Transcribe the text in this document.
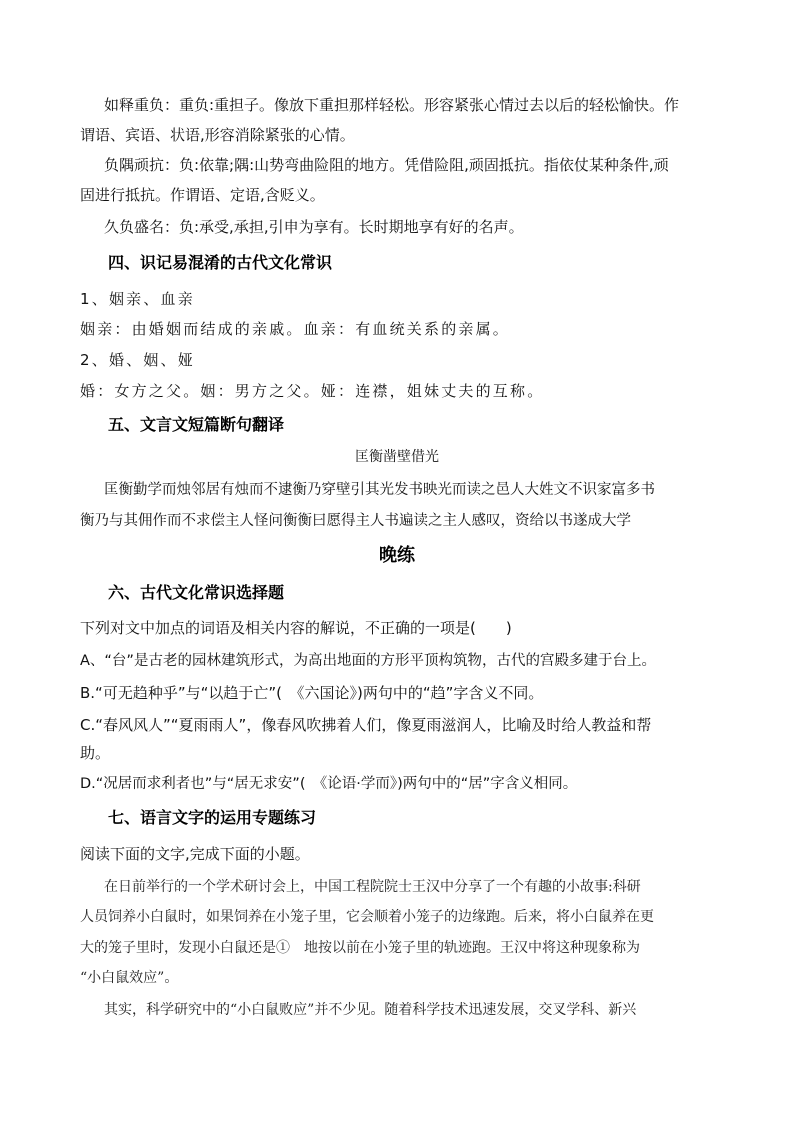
如释重负：重负:重担子。像放下重担那样轻松。形容紧张心情过去以后的轻松愉快。作
谓语、宾语、状语,形容消除紧张的心情。
负隅顽抗：负:依靠;隅:山势弯曲险阻的地方。凭借险阻,顽固抵抗。指依仗某种条件,顽
固进行抵抗。作谓语、定语,含贬义。
久负盛名：负:承受,承担,引申为享有。长时期地享有好的名声。
四、识记易混淆的古代文化常识
1、姻亲、血亲
姻亲：由婚姻而结成的亲戚。血亲：有血统关系的亲属。
2、婚、姻、娅
婚：女方之父。姻：男方之父。娅：连襟，姐妹丈夫的互称。
五、文言文短篇断句翻译
匡衡凿壁借光
匡衡勤学而烛邻居有烛而不逮衡乃穿壁引其光发书映光而读之邑人大姓文不识家富多书
衡乃与其佣作而不求偿主人怪问衡衡曰愿得主人书遍读之主人感叹，资给以书遂成大学
晚练
六、古代文化常识选择题
下列对文中加点的词语及相关内容的解说，不正确的一项是(　　)
A、“台”是古老的园林建筑形式，为高出地面的方形平顶构筑物，古代的宫殿多建于台上。
B.“可无趋种乎”与“以趋于亡”(　《六国论》)两句中的“趋”字含义不同。
C.“春风风人”“夏雨雨人”，像春风吹拂着人们，像夏雨滋润人，比喻及时给人教益和帮
助。
D.“况居而求利者也”与“居无求安”(　《论语·学而》)两句中的“居”字含义相同。
七、语言文字的运用专题练习
阅读下面的文字,完成下面的小题。
在日前举行的一个学术研讨会上，中国工程院院士王汉中分享了一个有趣的小故事:科研
人员饲养小白鼠时，如果饲养在小笼子里，它会顺着小笼子的边缘跑。后来，将小白鼠养在更
大的笼子里时，发现小白鼠还是①　地按以前在小笼子里的轨迹跑。王汉中将这种现象称为
“小白鼠效应”。
其实，科学研究中的“小白鼠败应”并不少见。随着科学技术迅速发展，交叉学科、新兴
